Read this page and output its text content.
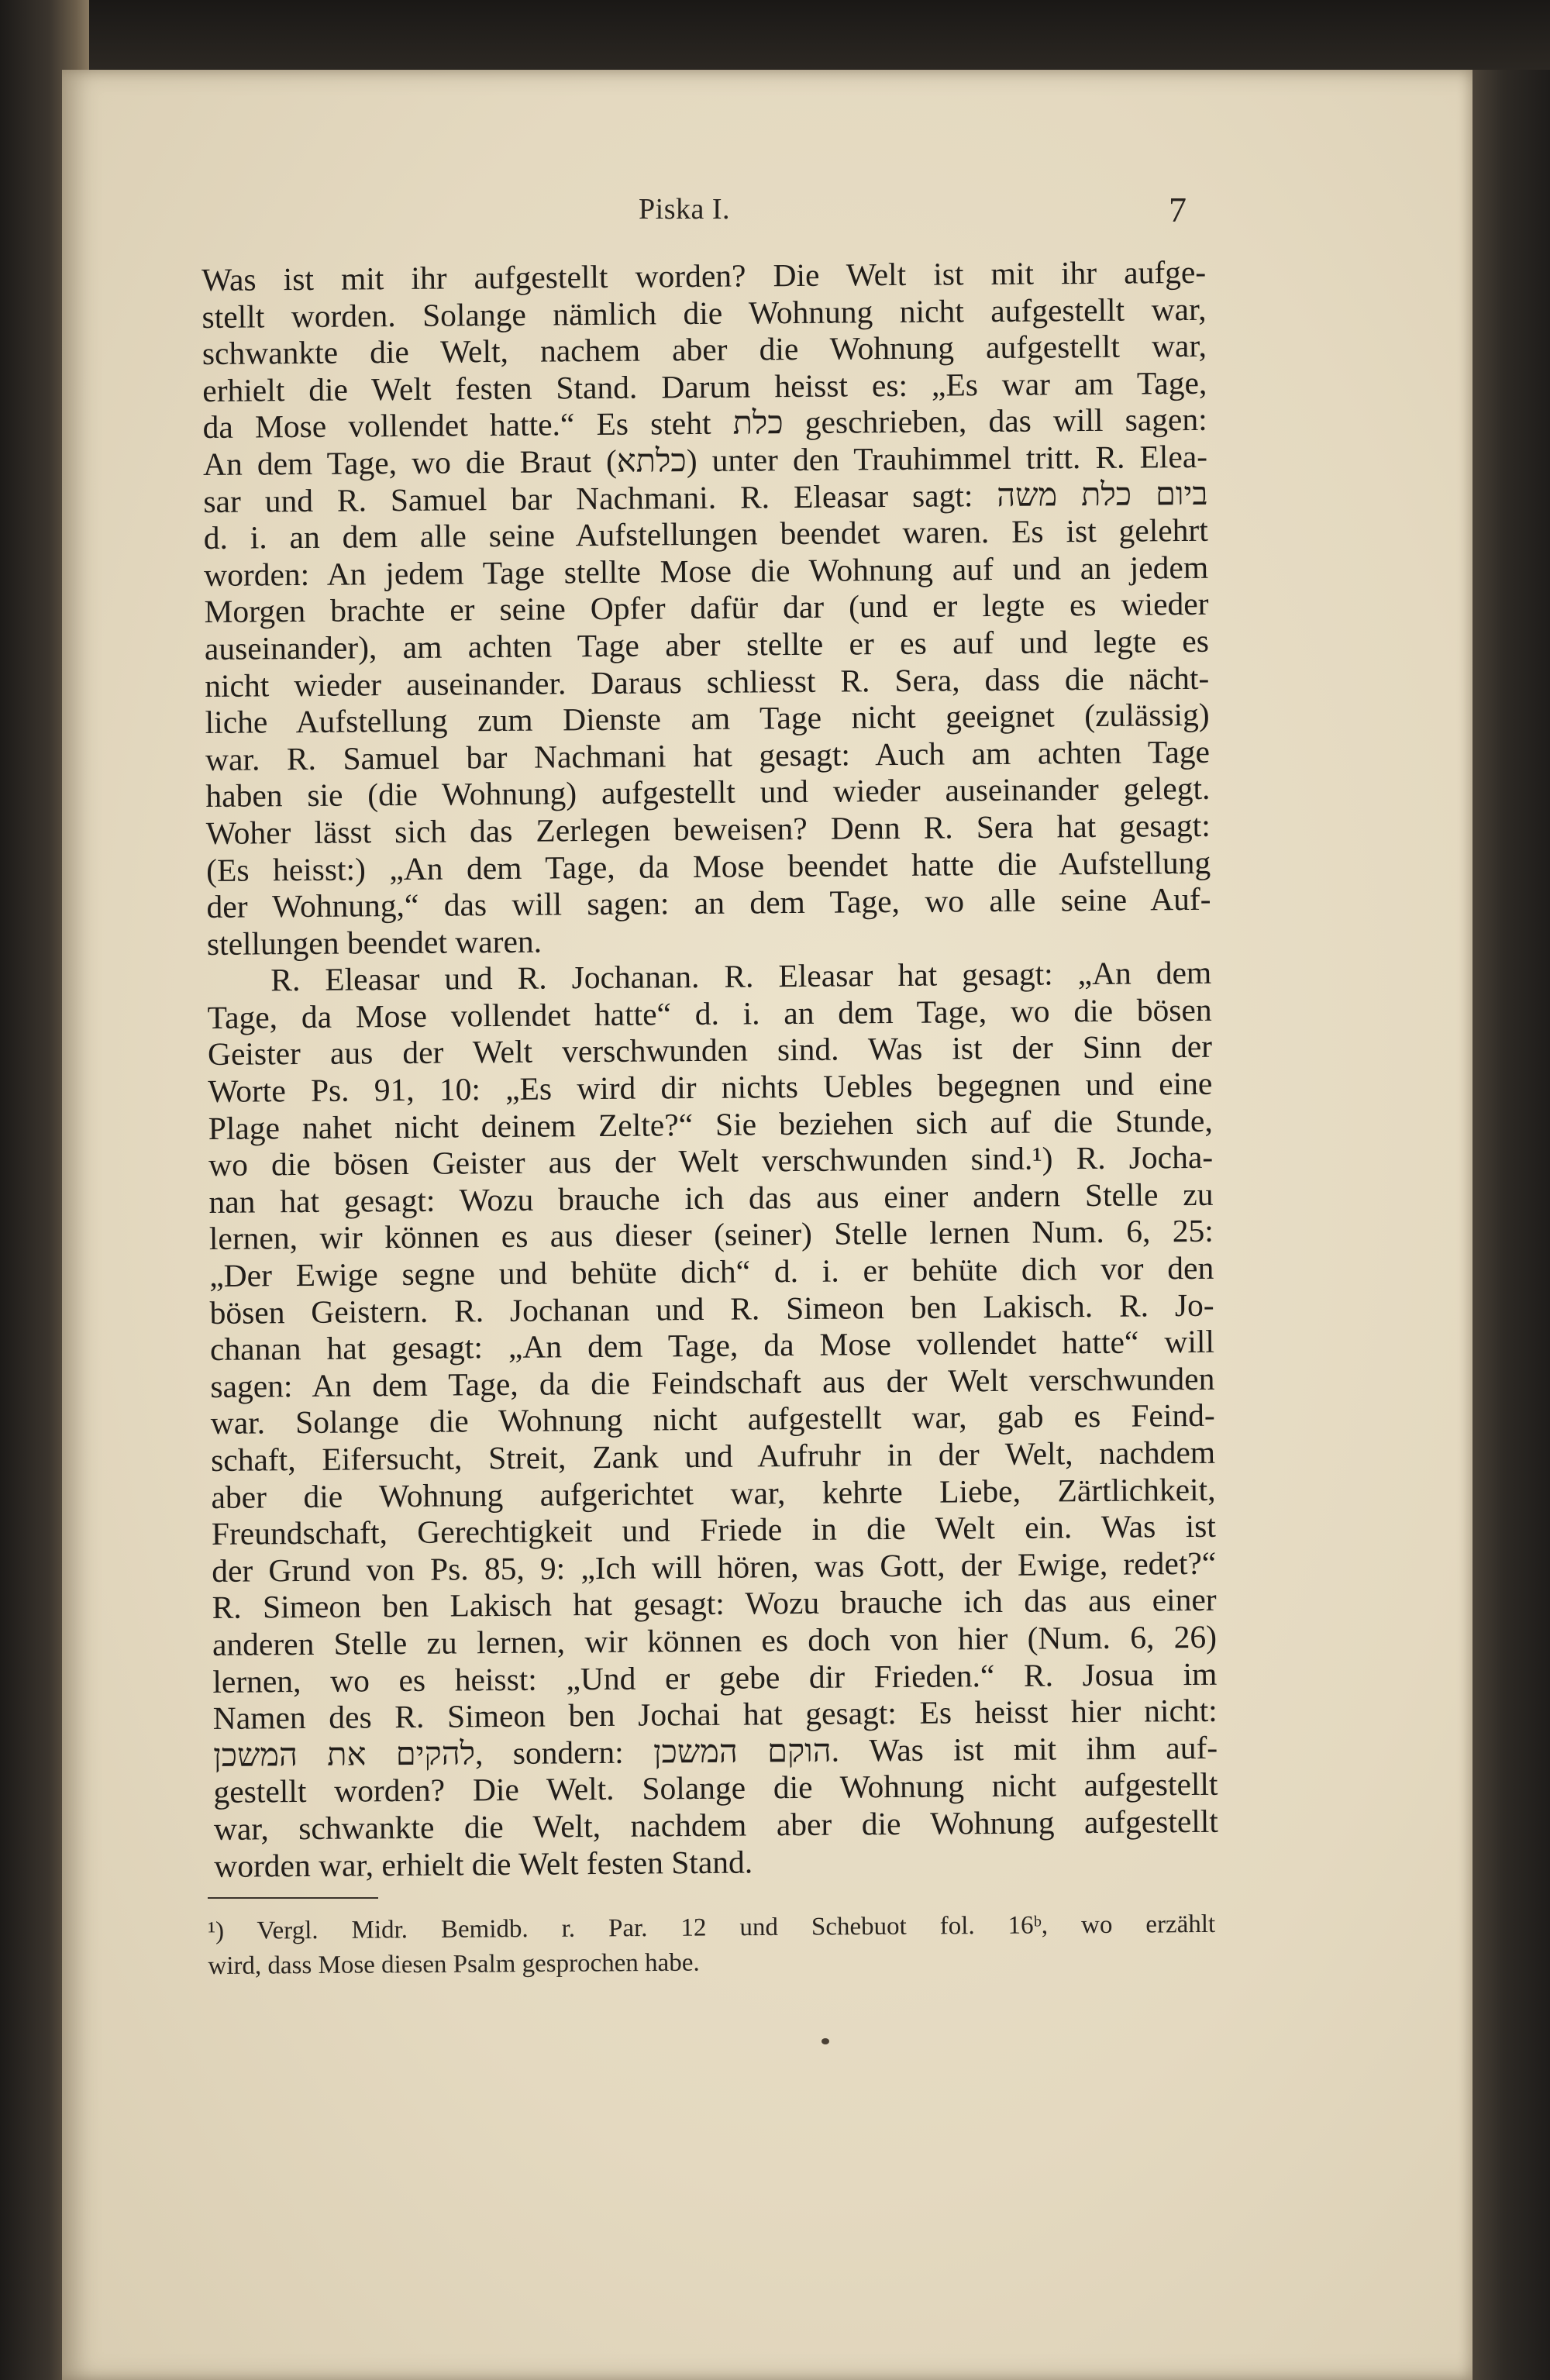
Piska I.	7
Was ist mit ihr aufgestellt worden? Die Welt ist mit ihr aufge-
stellt worden. Solange nämlich die Wohnung nicht aufgestellt war,
schwankte die Welt, nachem aber die Wohnung aufgestellt war,
erhielt die Welt festen Stand. Darum heisst es: „Es war am Tage,
da Mose vollendet hatte.“ Es steht כלת geschrieben, das will sagen:
An dem Tage, wo die Braut (כלתא) unter den Trauhimmel tritt. R. Elea-
sar und R. Samuel bar Nachmani. R. Eleasar sagt: ביום כלת משה
d. i. an dem alle seine Aufstellungen beendet waren. Es ist gelehrt
worden: An jedem Tage stellte Mose die Wohnung auf und an jedem
Morgen brachte er seine Opfer dafür dar (und er legte es wieder
auseinander), am achten Tage aber stellte er es auf und legte es
nicht wieder auseinander. Daraus schliesst R. Sera, dass die nächt-
liche Aufstellung zum Dienste am Tage nicht geeignet (zulässig)
war. R. Samuel bar Nachmani hat gesagt: Auch am achten Tage
haben sie (die Wohnung) aufgestellt und wieder auseinander gelegt.
Woher lässt sich das Zerlegen beweisen? Denn R. Sera hat gesagt:
(Es heisst:) „An dem Tage, da Mose beendet hatte die Aufstellung
der Wohnung,“ das will sagen: an dem Tage, wo alle seine Auf-
stellungen beendet waren.
R. Eleasar und R. Jochanan. R. Eleasar hat gesagt: „An dem
Tage, da Mose vollendet hatte“ d. i. an dem Tage, wo die bösen
Geister aus der Welt verschwunden sind. Was ist der Sinn der
Worte Ps. 91, 10: „Es wird dir nichts Uebles begegnen und eine
Plage nahet nicht deinem Zelte?“ Sie beziehen sich auf die Stunde,
wo die bösen Geister aus der Welt verschwunden sind.¹) R. Jocha-
nan hat gesagt: Wozu brauche ich das aus einer andern Stelle zu
lernen, wir können es aus dieser (seiner) Stelle lernen Num. 6, 25:
„Der Ewige segne und behüte dich“ d. i. er behüte dich vor den
bösen Geistern. R. Jochanan und R. Simeon ben Lakisch. R. Jo-
chanan hat gesagt: „An dem Tage, da Mose vollendet hatte“ will
sagen: An dem Tage, da die Feindschaft aus der Welt verschwunden
war. Solange die Wohnung nicht aufgestellt war, gab es Feind-
schaft, Eifersucht, Streit, Zank und Aufruhr in der Welt, nachdem
aber die Wohnung aufgerichtet war, kehrte Liebe, Zärtlichkeit,
Freundschaft, Gerechtigkeit und Friede in die Welt ein. Was ist
der Grund von Ps. 85, 9: „Ich will hören, was Gott, der Ewige, redet?“
R. Simeon ben Lakisch hat gesagt: Wozu brauche ich das aus einer
anderen Stelle zu lernen, wir können es doch von hier (Num. 6, 26)
lernen, wo es heisst: „Und er gebe dir Frieden.“ R. Josua im
Namen des R. Simeon ben Jochai hat gesagt: Es heisst hier nicht:
להקים את המשכן, sondern: הוקם המשכן. Was ist mit ihm auf-
gestellt worden? Die Welt. Solange die Wohnung nicht aufgestellt
war, schwankte die Welt, nachdem aber die Wohnung aufgestellt
worden war, erhielt die Welt festen Stand.
¹) Vergl. Midr. Bemidb. r. Par. 12 und Schebuot fol. 16ᵇ, wo erzählt
wird, dass Mose diesen Psalm gesprochen habe.
